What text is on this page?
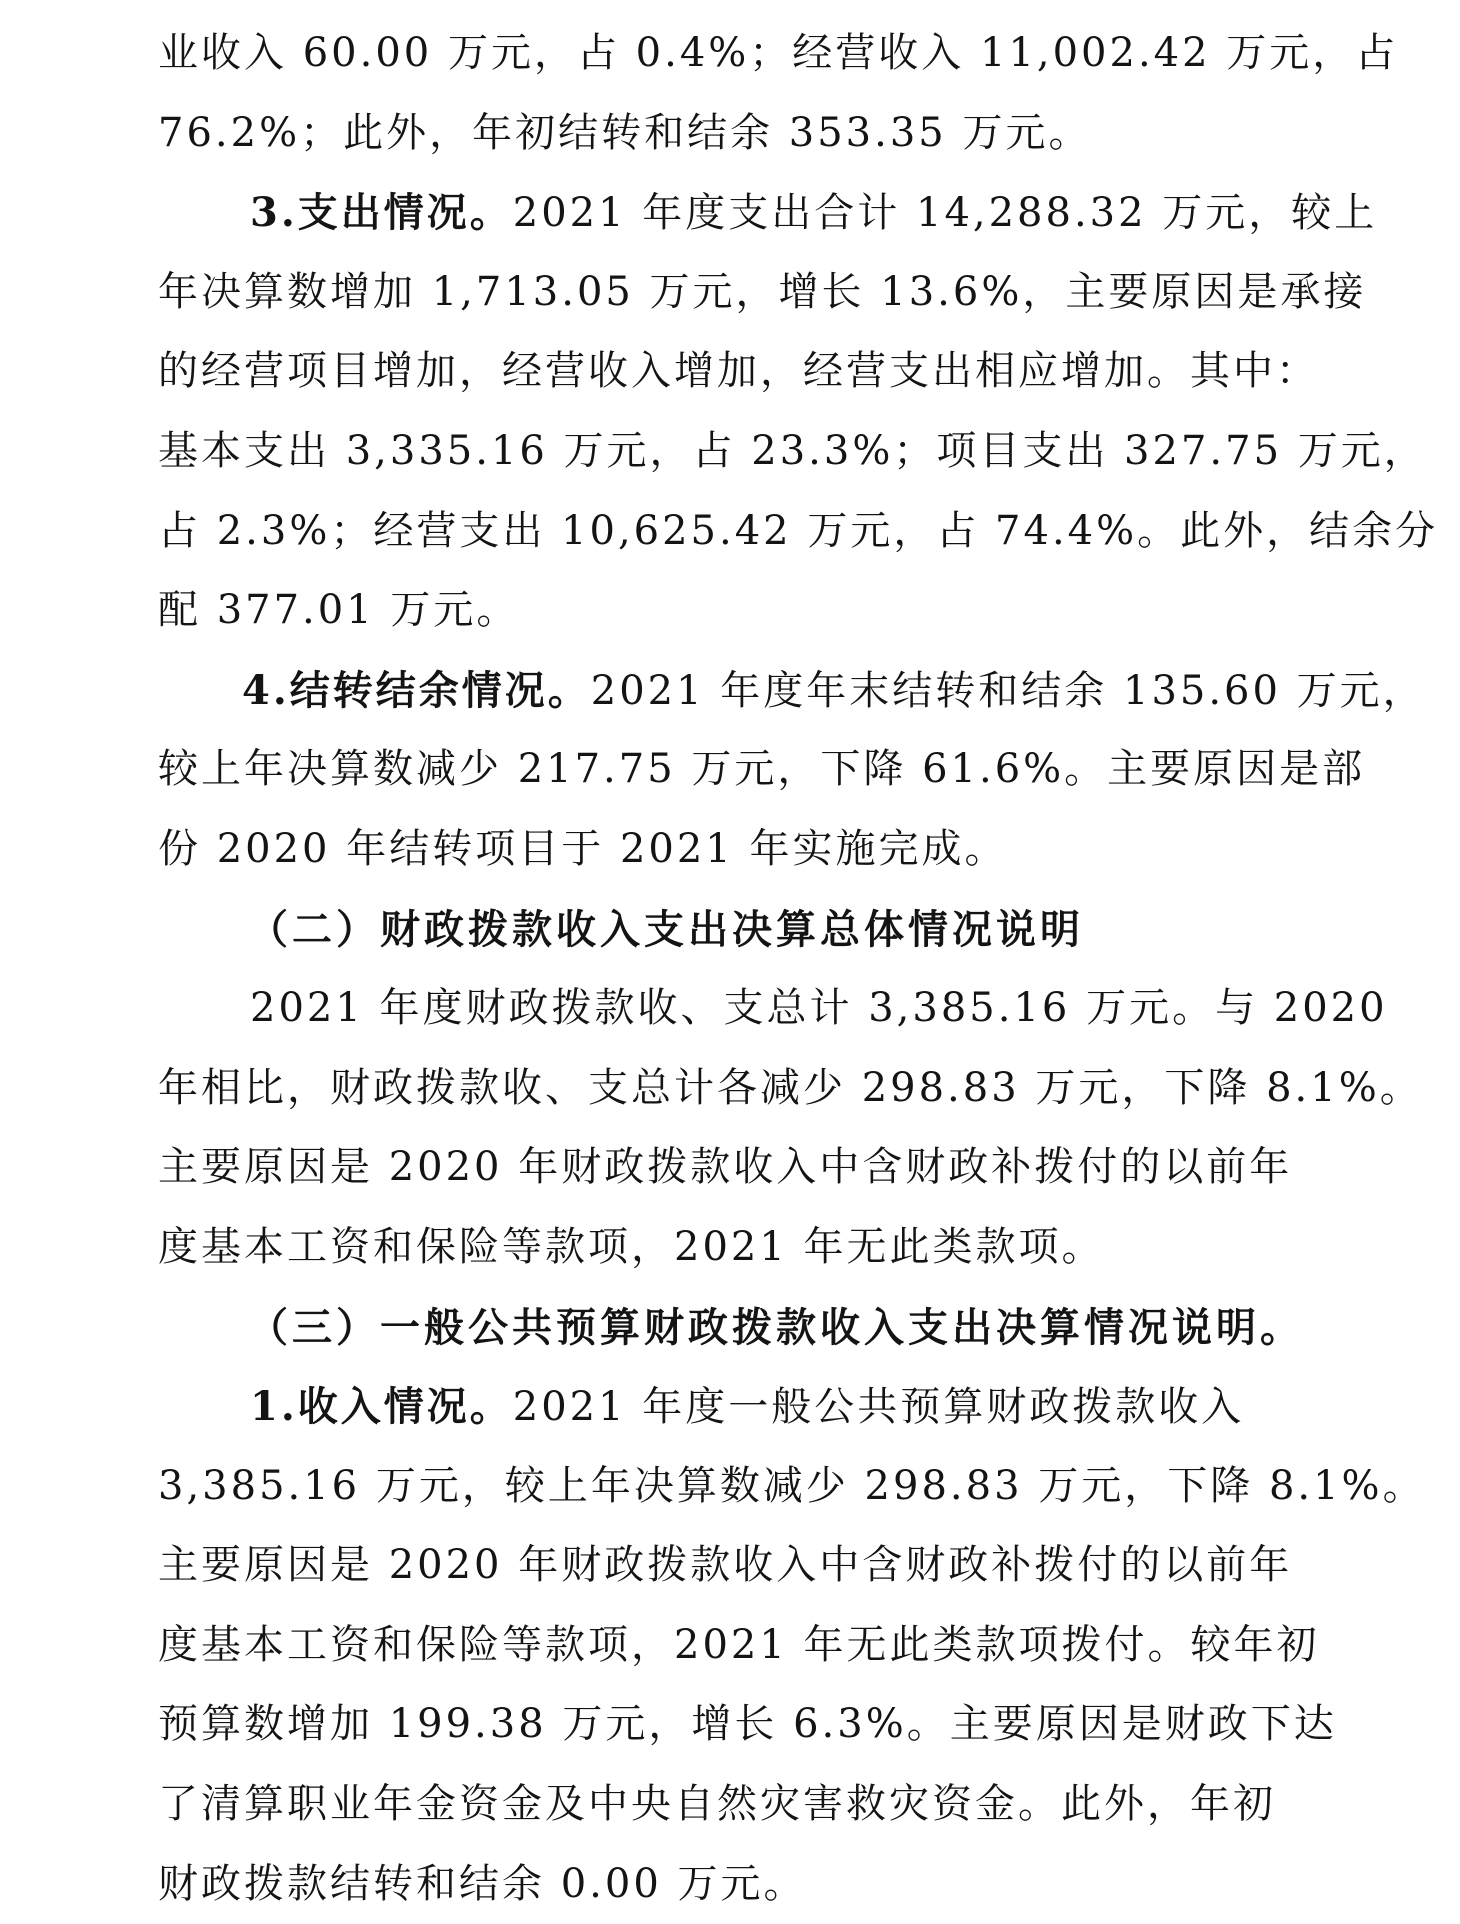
业收入 60.00 万元，占 0.4%；经营收入 11,002.42 万元，占
76.2%；此外，年初结转和结余 353.35 万元。
3.支出情况。2021 年度支出合计 14,288.32 万元，较上
年决算数增加 1,713.05 万元，增长 13.6%，主要原因是承接
的经营项目增加，经营收入增加，经营支出相应增加。其中：
基本支出 3,335.16 万元，占 23.3%；项目支出 327.75 万元，
占 2.3%；经营支出 10,625.42 万元，占 74.4%。此外，结余分
配 377.01 万元。
4.结转结余情况。2021 年度年末结转和结余 135.60 万元，
较上年决算数减少 217.75 万元，下降 61.6%。主要原因是部
份 2020 年结转项目于 2021 年实施完成。
（二）财政拨款收入支出决算总体情况说明
2021 年度财政拨款收、支总计 3,385.16 万元。与 2020
年相比，财政拨款收、支总计各减少 298.83 万元，下降 8.1%。
主要原因是 2020 年财政拨款收入中含财政补拨付的以前年
度基本工资和保险等款项，2021 年无此类款项。
（三）一般公共预算财政拨款收入支出决算情况说明。
1.收入情况。2021 年度一般公共预算财政拨款收入
3,385.16 万元，较上年决算数减少 298.83 万元，下降 8.1%。
主要原因是 2020 年财政拨款收入中含财政补拨付的以前年
度基本工资和保险等款项，2021 年无此类款项拨付。较年初
预算数增加 199.38 万元，增长 6.3%。主要原因是财政下达
了清算职业年金资金及中央自然灾害救灾资金。此外，年初
财政拨款结转和结余 0.00 万元。
